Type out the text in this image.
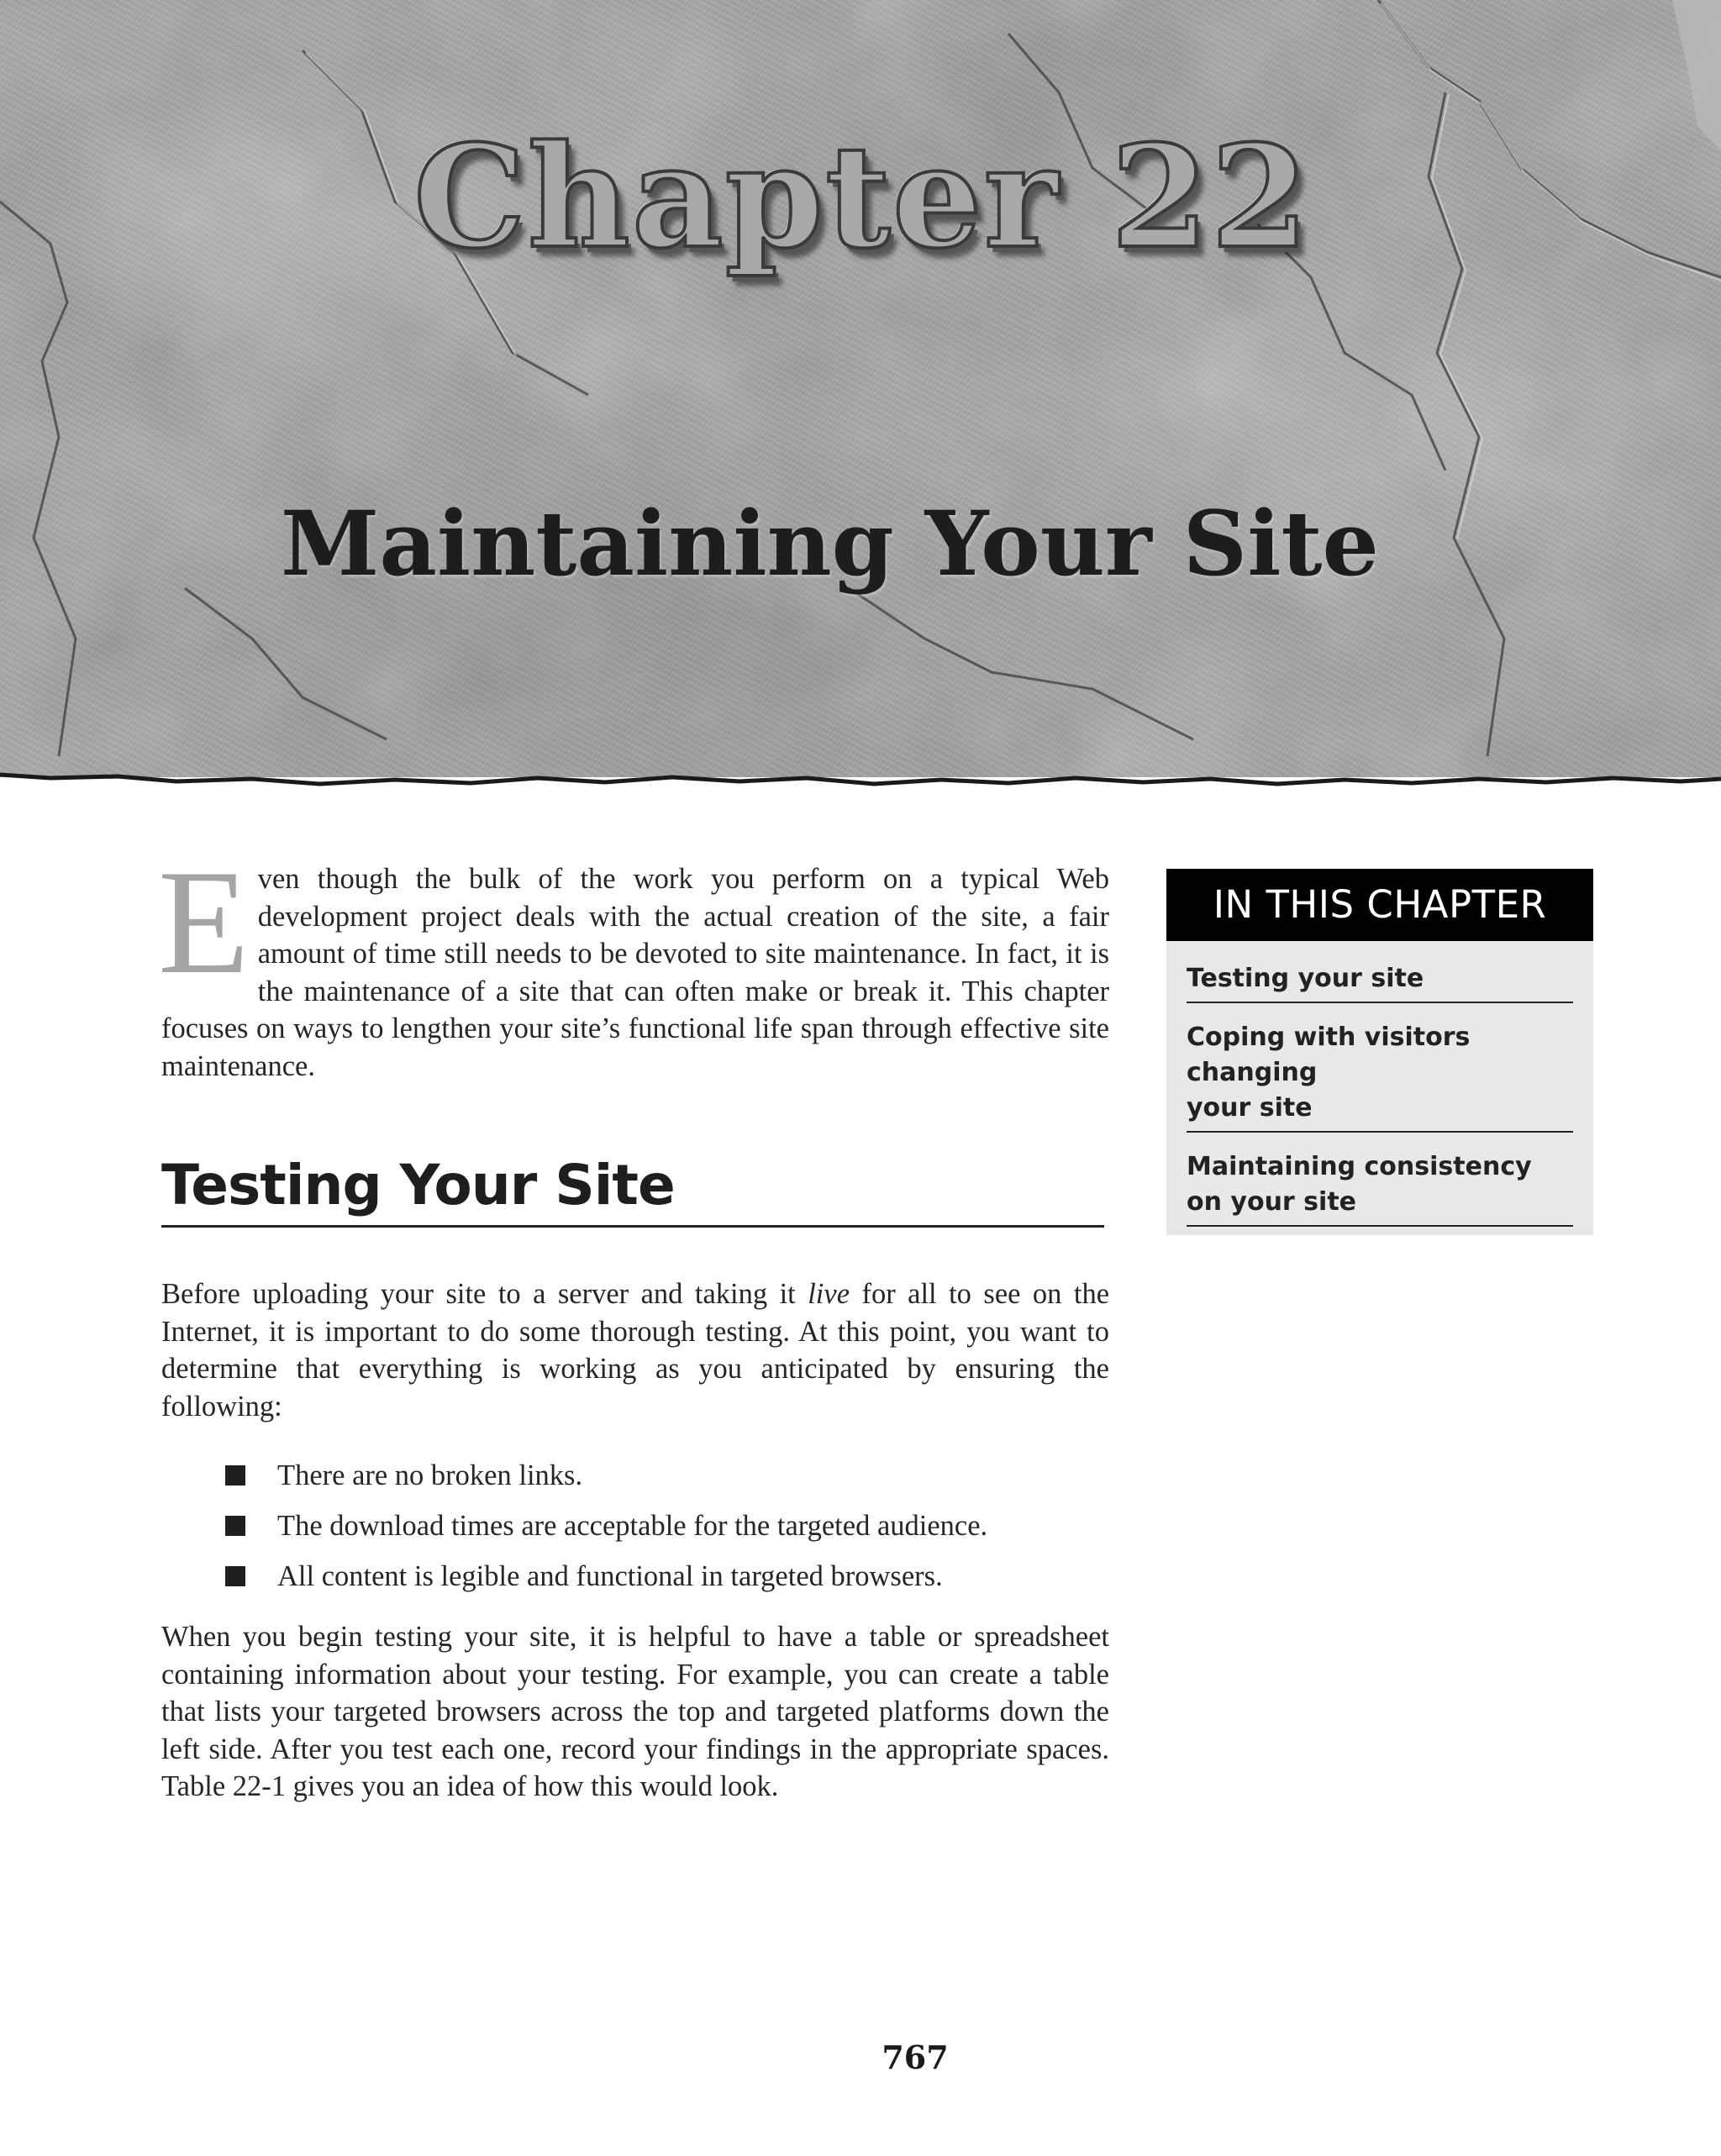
Chapter 22
Maintaining Your Site

Even though the bulk of the work you perform on a typical Web development project deals with the actual creation of the site, a fair amount of time still needs to be devoted to site maintenance. In fact, it is the maintenance of a site that can often make or break it. This chapter focuses on ways to lengthen your site’s functional life span through effective site maintenance.

IN THIS CHAPTER
Testing your site
Coping with visitors changing
your site
Maintaining consistency
on your site
Testing Your Site

Before uploading your site to a server and taking it live for all to see on the Internet, it is important to do some thorough testing. At this point, you want to determine that everything is working as you anticipated by ensuring the following:

There are no broken links.
The download times are acceptable for the targeted audience.
All content is legible and functional in targeted browsers.

When you begin testing your site, it is helpful to have a table or spreadsheet containing information about your testing. For example, you can create a table that lists your targeted browsers across the top and targeted platforms down the left side. After you test each one, record your findings in the appropriate spaces. Table 22-1 gives you an idea of how this would look.

767
